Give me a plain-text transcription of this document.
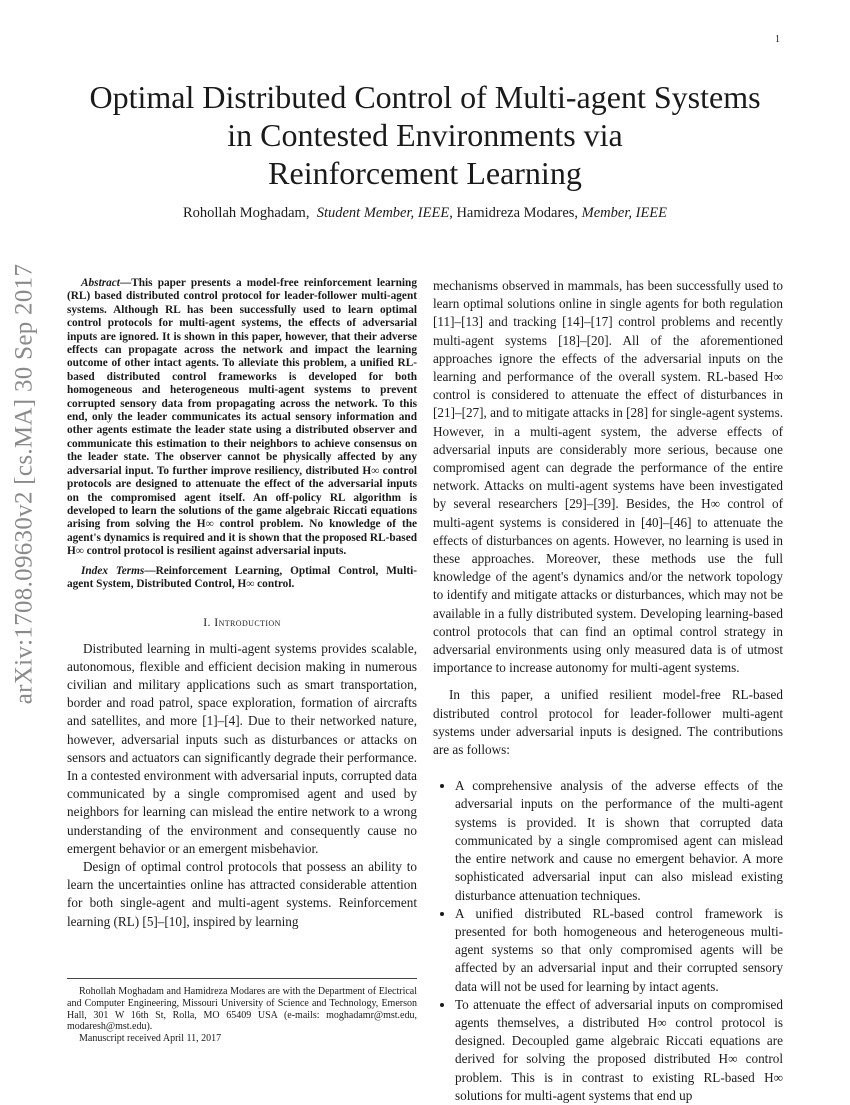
1
arXiv:1708.09630v2 [cs.MA] 30 Sep 2017
Optimal Distributed Control of Multi-agent Systems
in Contested Environments via
Reinforcement Learning
Rohollah Moghadam, Student Member, IEEE, Hamidreza Modares, Member, IEEE

Abstract—This paper presents a model-free reinforcement learning (RL) based distributed control protocol for leader-follower multi-agent systems. Although RL has been successfully used to learn optimal control protocols for multi-agent systems, the effects of adversarial inputs are ignored. It is shown in this paper, however, that their adverse effects can propagate across the network and impact the learning outcome of other intact agents. To alleviate this problem, a unified RL-based distributed control frameworks is developed for both homogeneous and heterogeneous multi-agent systems to prevent corrupted sensory data from propagating across the network. To this end, only the leader communicates its actual sensory information and other agents estimate the leader state using a distributed observer and communicate this estimation to their neighbors to achieve consensus on the leader state. The observer cannot be physically affected by any adversarial input. To further improve resiliency, distributed H∞ control protocols are designed to attenuate the effect of the adversarial inputs on the compromised agent itself. An off-policy RL algorithm is developed to learn the solutions of the game algebraic Riccati equations arising from solving the H∞ control problem. No knowledge of the agent's dynamics is required and it is shown that the proposed RL-based H∞ control protocol is resilient against adversarial inputs.

Index Terms—Reinforcement Learning, Optimal Control, Multi-agent System, Distributed Control, H∞ control.

I. Introduction

Distributed learning in multi-agent systems provides scalable, autonomous, flexible and efficient decision making in numerous civilian and military applications such as smart transportation, border and road patrol, space exploration, formation of aircrafts and satellites, and more [1]–[4]. Due to their networked nature, however, adversarial inputs such as disturbances or attacks on sensors and actuators can significantly degrade their performance. In a contested environment with adversarial inputs, corrupted data communicated by a single compromised agent and used by neighbors for learning can mislead the entire network to a wrong understanding of the environment and consequently cause no emergent behavior or an emergent misbehavior.

Design of optimal control protocols that possess an ability to learn the uncertainties online has attracted considerable attention for both single-agent and multi-agent systems. Reinforcement learning (RL) [5]–[10], inspired by learning

mechanisms observed in mammals, has been successfully used to learn optimal solutions online in single agents for both regulation [11]–[13] and tracking [14]–[17] control problems and recently multi-agent systems [18]–[20]. All of the aforementioned approaches ignore the effects of the adversarial inputs on the learning and performance of the overall system. RL-based H∞ control is considered to attenuate the effect of disturbances in [21]–[27], and to mitigate attacks in [28] for single-agent systems. However, in a multi-agent system, the adverse effects of adversarial inputs are considerably more serious, because one compromised agent can degrade the performance of the entire network. Attacks on multi-agent systems have been investigated by several researchers [29]–[39]. Besides, the H∞ control of multi-agent systems is considered in [40]–[46] to attenuate the effects of disturbances on agents. However, no learning is used in these approaches. Moreover, these methods use the full knowledge of the agent's dynamics and/or the network topology to identify and mitigate attacks or disturbances, which may not be available in a fully distributed system. Developing learning-based control protocols that can find an optimal control strategy in adversarial environments using only measured data is of utmost importance to increase autonomy for multi-agent systems.

In this paper, a unified resilient model-free RL-based distributed control protocol for leader-follower multi-agent systems under adversarial inputs is designed. The contributions are as follows:

• A comprehensive analysis of the adverse effects of the adversarial inputs on the performance of the multi-agent systems is provided. It is shown that corrupted data communicated by a single compromised agent can mislead the entire network and cause no emergent behavior. A more sophisticated adversarial input can also mislead existing disturbance attenuation techniques.
• A unified distributed RL-based control framework is presented for both homogeneous and heterogeneous multi-agent systems so that only compromised agents will be affected by an adversarial input and their corrupted sensory data will not be used for learning by intact agents.
• To attenuate the effect of adversarial inputs on compromised agents themselves, a distributed H∞ control protocol is designed. Decoupled game algebraic Riccati equations are derived for solving the proposed distributed H∞ control problem. This is in contrast to existing RL-based H∞ solutions for multi-agent systems that end up

Rohollah Moghadam and Hamidreza Modares are with the Department of Electrical and Computer Engineering, Missouri University of Science and Technology, Emerson Hall, 301 W 16th St, Rolla, MO 65409 USA (e-mails: moghadamr@mst.edu, modaresh@mst.edu).

Manuscript received April 11, 2017
